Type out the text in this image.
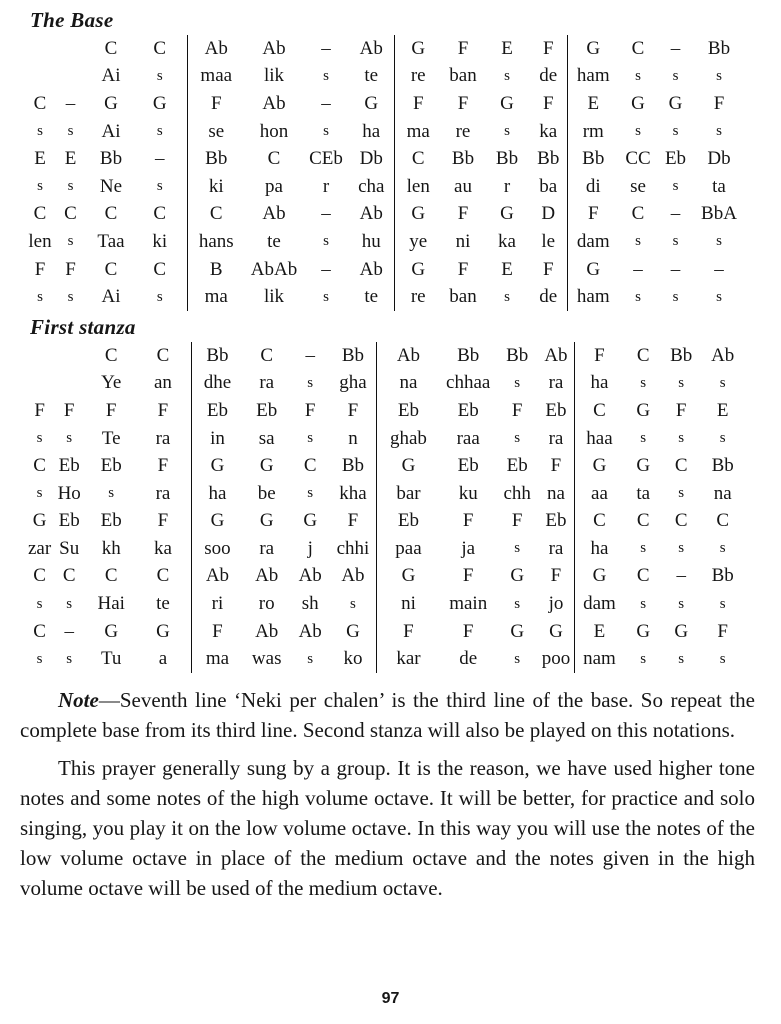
The Base
		C	C	Ab	Ab	–	Ab	G	F	E	F	G	C	–	Bb
		Ai	s	maa	lik	s	te	re	ban	s	de	ham	s	s	s
C	–	G	G	F	Ab	–	G	F	F	G	F	E	G	G	F
s	s	Ai	s	se	hon	s	ha	ma	re	s	ka	rm	s	s	s
E	E	Bb	–	Bb	C	CEb	Db	C	Bb	Bb	Bb	Bb	CC	Eb	Db
s	s	Ne	s	ki	pa	r	cha	len	au	r	ba	di	se	s	ta
C	C	C	C	C	Ab	–	Ab	G	F	G	D	F	C	–	BbA
len	s	Taa	ki	hans	te	s	hu	ye	ni	ka	le	dam	s	s	s
F	F	C	C	B	AbAb	–	Ab	G	F	E	F	G	–	–	–
s	s	Ai	s	ma	lik	s	te	re	ban	s	de	ham	s	s	s
First stanza
		C	C	Bb	C	–	Bb	Ab	Bb	Bb	Ab	F	C	Bb	Ab
		Ye	an	dhe	ra	s	gha	na	chhaa	s	ra	ha	s	s	s
F	F	F	F	Eb	Eb	F	F	Eb	Eb	F	Eb	C	G	F	E
s	s	Te	ra	in	sa	s	n	ghab	raa	s	ra	haa	s	s	s
C	Eb	Eb	F	G	G	C	Bb	G	Eb	Eb	F	G	G	C	Bb
s	Ho	s	ra	ha	be	s	kha	bar	ku	chh	na	aa	ta	s	na
G	Eb	Eb	F	G	G	G	F	Eb	F	F	Eb	C	C	C	C
zar	Su	kh	ka	soo	ra	j	chhi	paa	ja	s	ra	ha	s	s	s
C	C	C	C	Ab	Ab	Ab	Ab	G	F	G	F	G	C	–	Bb
s	s	Hai	te	ri	ro	sh	s	ni	main	s	jo	dam	s	s	s
C	–	G	G	F	Ab	Ab	G	F	F	G	G	E	G	G	F
s	s	Tu	a	ma	was	s	ko	kar	de	s	poo	nam	s	s	s

Note—Seventh line ‘Neki per chalen’ is the third line of the base. So repeat the complete base from its third line. Second stanza will also be played on this notations.

This prayer generally sung by a group. It is the reason, we have used higher tone notes and some notes of the high volume octave. It will be better, for practice and solo singing, you play it on the low volume octave. In this way you will use the notes of the low volume octave in place of the medium octave and the notes given in the high volume octave will be used of the medium octave.

97
